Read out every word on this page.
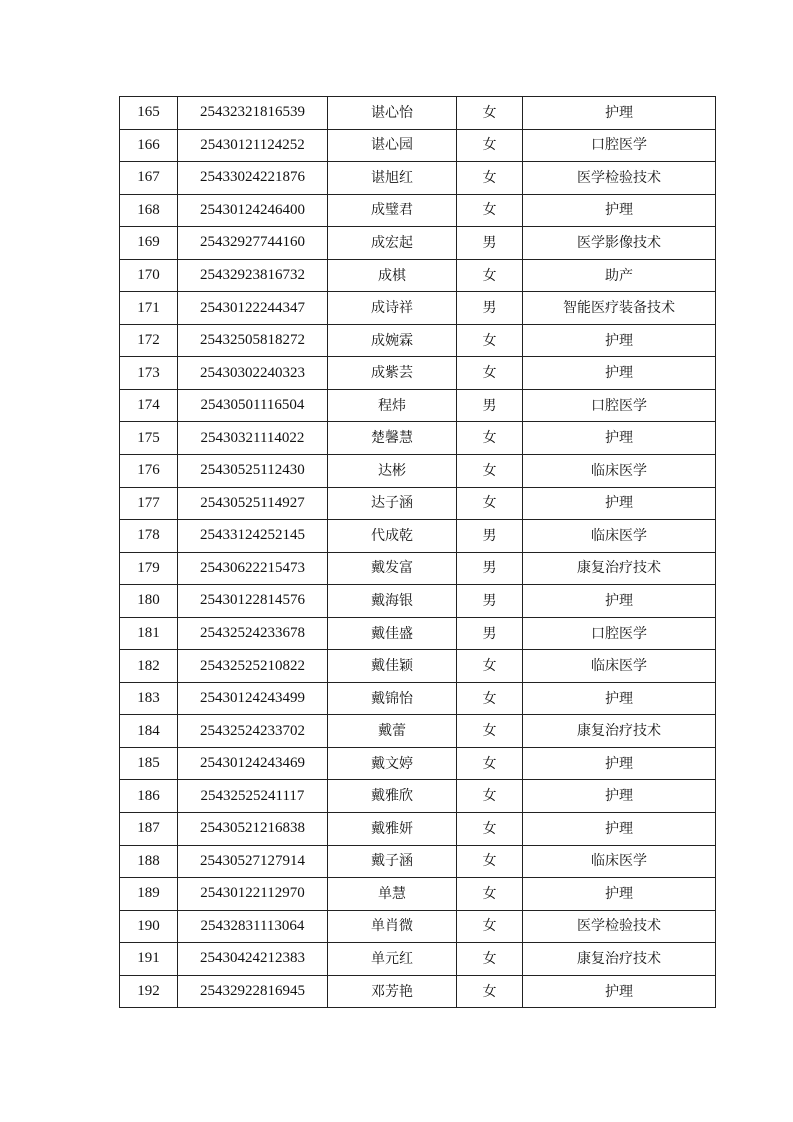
165	25432321816539	谌心怡	女	护理
166	25430121124252	谌心园	女	口腔医学
167	25433024221876	谌旭红	女	医学检验技术
168	25430124246400	成璧君	女	护理
169	25432927744160	成宏起	男	医学影像技术
170	25432923816732	成棋	女	助产
171	25430122244347	成诗祥	男	智能医疗装备技术
172	25432505818272	成婉霖	女	护理
173	25430302240323	成紫芸	女	护理
174	25430501116504	程炜	男	口腔医学
175	25430321114022	楚馨慧	女	护理
176	25430525112430	达彬	女	临床医学
177	25430525114927	达子涵	女	护理
178	25433124252145	代成乾	男	临床医学
179	25430622215473	戴发富	男	康复治疗技术
180	25430122814576	戴海银	男	护理
181	25432524233678	戴佳盛	男	口腔医学
182	25432525210822	戴佳颖	女	临床医学
183	25430124243499	戴锦怡	女	护理
184	25432524233702	戴蕾	女	康复治疗技术
185	25430124243469	戴文婷	女	护理
186	25432525241117	戴雅欣	女	护理
187	25430521216838	戴雅妍	女	护理
188	25430527127914	戴子涵	女	临床医学
189	25430122112970	单慧	女	护理
190	25432831113064	单肖微	女	医学检验技术
191	25430424212383	单元红	女	康复治疗技术
192	25432922816945	邓芳艳	女	护理
